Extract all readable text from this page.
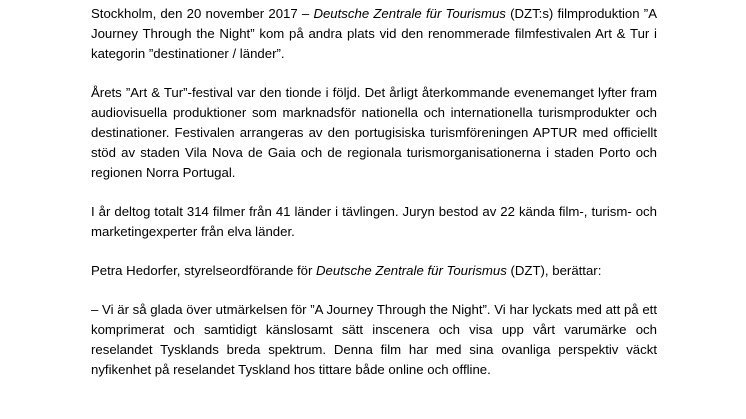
Stockholm, den 20 november 2017 – Deutsche Zentrale für Tourismus (DZT:s) filmproduktion ”A Journey Through the Night” kom på andra plats vid den renommerade filmfestivalen Art & Tur i kategorin ”destinationer / länder”.

Årets ”Art & Tur”-festival var den tionde i följd. Det årligt återkommande evenemanget lyfter fram audiovisuella produktioner som marknadsför nationella och internationella turismprodukter och destinationer. Festivalen arrangeras av den portugisiska turismföreningen APTUR med officiellt stöd av staden Vila Nova de Gaia och de regionala turismorganisationerna i staden Porto och regionen Norra Portugal.

I år deltog totalt 314 filmer från 41 länder i tävlingen. Juryn bestod av 22 kända film-, turism- och marketingexperter från elva länder.

Petra Hedorfer, styrelseordförande för Deutsche Zentrale für Tourismus (DZT), berättar:

– Vi är så glada över utmärkelsen för ”A Journey Through the Night”. Vi har lyckats med att på ett komprimerat och samtidigt känslosamt sätt inscenera och visa upp vårt varumärke och reselandet Tysklands breda spektrum. Denna film har med sina ovanliga perspektiv väckt nyfikenhet på reselandet Tyskland hos tittare både online och offline.
